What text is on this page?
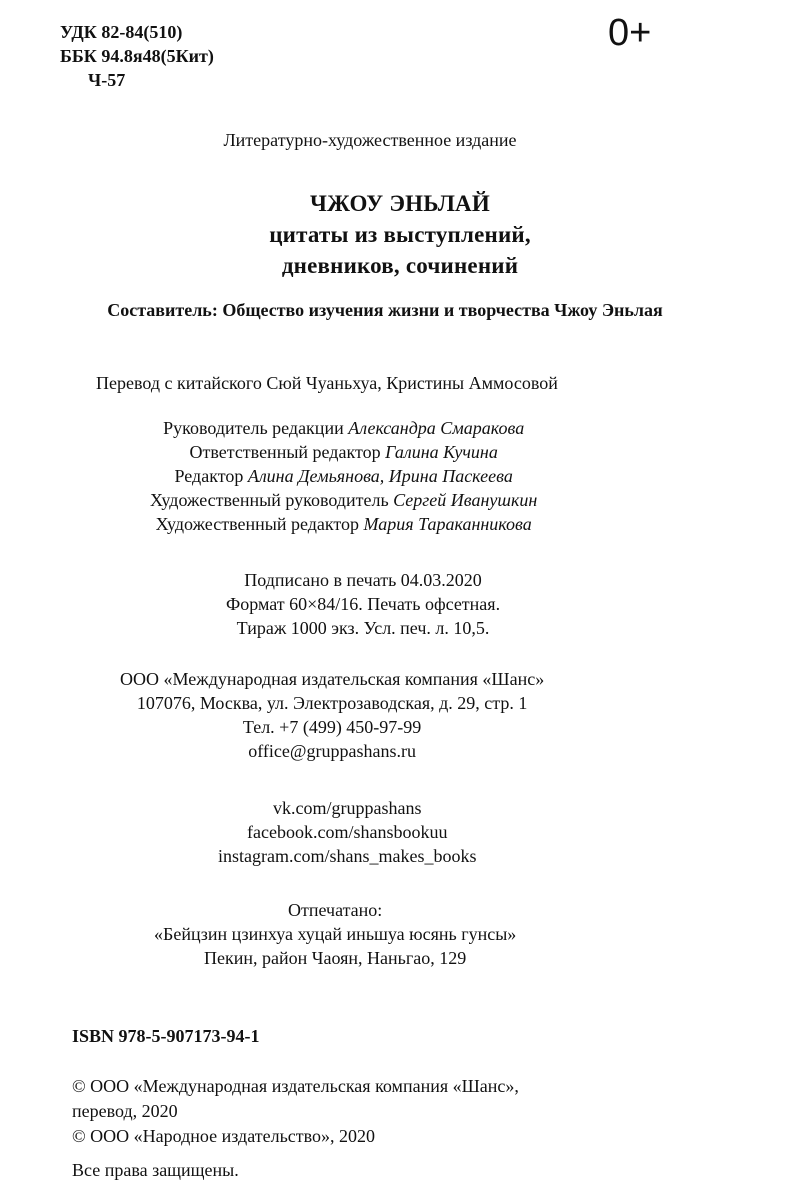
УДК 82-84(510)
ББК 94.8я48(5Кит)
Ч-57
0+
Литературно-художественное издание
ЧЖОУ ЭНЬЛАЙ
цитаты из выступлений,
дневников, сочинений
Составитель: Общество изучения жизни и творчества Чжоу Эньлая
Перевод с китайского Сюй Чуаньхуа, Кристины Аммосовой
Руководитель редакции Александра Смаракова
Ответственный редактор Галина Кучина
Редактор Алина Демьянова, Ирина Паскеева
Художественный руководитель Сергей Иванушкин
Художественный редактор Мария Тараканникова
Подписано в печать 04.03.2020
Формат 60×84/16. Печать офсетная.
Тираж 1000 экз. Усл. печ. л. 10,5.
ООО «Международная издательская компания «Шанс»
107076, Москва, ул. Электрозаводская, д. 29, стр. 1
Тел. +7 (499) 450-97-99
office@gruppashans.ru
vk.com/gruppashans
facebook.com/shansbookuu
instagram.com/shans_makes_books
Отпечатано:
«Бейцзин цзинхуа хуцай иньшуа юсянь гунсы»
Пекин, район Чаоян, Наньгао, 129
ISBN 978-5-907173-94-1
© ООО «Международная издательская компания «Шанс»,
перевод, 2020
© ООО «Народное издательство», 2020
Все права защищены.
